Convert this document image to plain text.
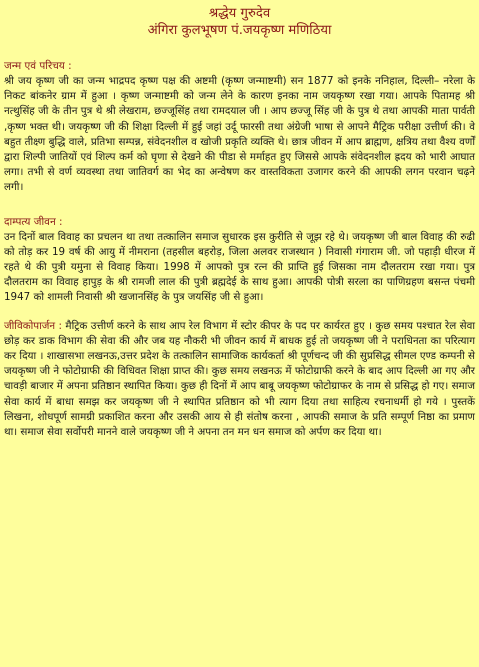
श्रद्धेय गुरुदेव
अंगिरा कुलभूषण पं.जयकृष्ण मणिठिया

जन्म एवं परिचय :

श्री जय कृष्ण जी का जन्म भाद्रपद कृष्ण पक्ष की अष्टमी (कृष्ण जन्माष्टमी) सन 1877 को इनके ननिहाल, दिल्ली– नरेला के निकट बांकनेर ग्राम में हुआ । कृष्ण जन्माष्टमी को जन्म लेने के कारण इनका नाम जयकृष्ण रखा गया। आपके पितामह श्री नत्थुसिंह जी के तीन पुत्र थे श्री लेखराम, छज्जूसिंह तथा रामदयाल जी । आप छज्जू सिंह जी के पुत्र थे तथा आपकी माता पार्वती ,कृष्ण भक्त थी। जयकृष्ण जी की शिक्षा दिल्ली में हुई जहां उर्दू फारसी तथा अंग्रेजी भाषा से आपने मैट्रिक परीक्षा उत्तीर्ण की। वे बहुत तीक्ष्ण बुद्धि वाले, प्रतिभा सम्पन्न, संवेदनशील व खोजी प्रकृति व्यक्ति थे। छात्र जीवन में आप ब्राह्मण, क्षत्रिय तथा वैश्य वर्णों द्वारा शिल्पी जातियों एवं शिल्प कर्म को घृणा से देखने की पीडा से मर्माहत हुए जिससे आपके संवेदनशील ह्रदय को भारी आघात लगा। तभी से वर्ण व्यवस्था तथा जातिवर्ग का भेद का अन्वेषण कर वास्तविकता उजागर करने की आपकी लगन परवान चढ़ने लगी।

दाम्पत्य जीवन :

उन दिनों बाल विवाह का प्रचलन था तथा तत्कालिन समाज सुधारक इस कुरीति से जूझ रहे थे। जयकृष्ण जी बाल विवाह की रुढी को तोड़ कर 19 वर्ष की आयु में नीमराना (तहसील बहरोड़, जिला अलवर राजस्थान ) निवासी गंगाराम जी. जो पहाड़ी धीरज में रहते थे की पुत्री यमुना से विवाह किया। 1998 में आपको पुत्र रत्न की प्राप्ति हुई जिसका नाम दौलतराम रखा गया। पुत्र दौलतराम का विवाह हापुड़ के श्री रामजी लाल की पुत्री ब्रह्मदेई के साथ हुआ। आपकी पोत्री सरला का पाणिग्रहण बसन्त पंचमी 1947 को शामली निवासी श्री खजानसिंह के पुत्र जयसिंह जी से हुआ।

जीविकोपार्जन : मैट्रिक उत्तीर्ण करने के साथ आप रेल विभाग में स्टोर कीपर के पद पर कार्यरत हुए । कुछ समय पश्चात रेल सेवा छोड़ कर डाक विभाग की सेवा की और जब यह नौकरी भी जीवन कार्य में बाधक हुई तो जयकृष्ण जी ने पराधिनता का परित्याग कर दिया । शाखासभा लखनऊ,उत्तर प्रदेश के तत्कालिन सामाजिक कार्यकर्ता श्री पूर्णचन्द जी की सुप्रसिद्ध सीमल एण्ड कम्पनी से जयकृष्ण जी ने फोटोग्राफी की विधिवत शिक्षा प्राप्त की। कुछ समय लखनऊ में फोटोग्राफी करने के बाद आप दिल्ली आ गए और चावड़ी बाजार में अपना प्रतिष्ठान स्थापित किया। कुछ ही दिनों में आप बाबू जयकृष्ण फोटोग्राफर के नाम से प्रसिद्ध हो गए। समाज सेवा कार्य में बाधा समझ कर जयकृष्ण जी ने स्थापित प्रतिष्ठान को भी त्याग दिया तथा साहित्य रचनाधर्मी हो गये । पुस्तकें लिखना, शोधपूर्ण सामग्री प्रकाशित करना और उसकी आय से ही संतोष करना , आपकी समाज के प्रति सम्पूर्ण निष्ठा का प्रमाण था। समाज सेवा सर्वोपरी मानने वाले जयकृष्ण जी ने अपना तन मन धन समाज को अर्पण कर दिया था।
